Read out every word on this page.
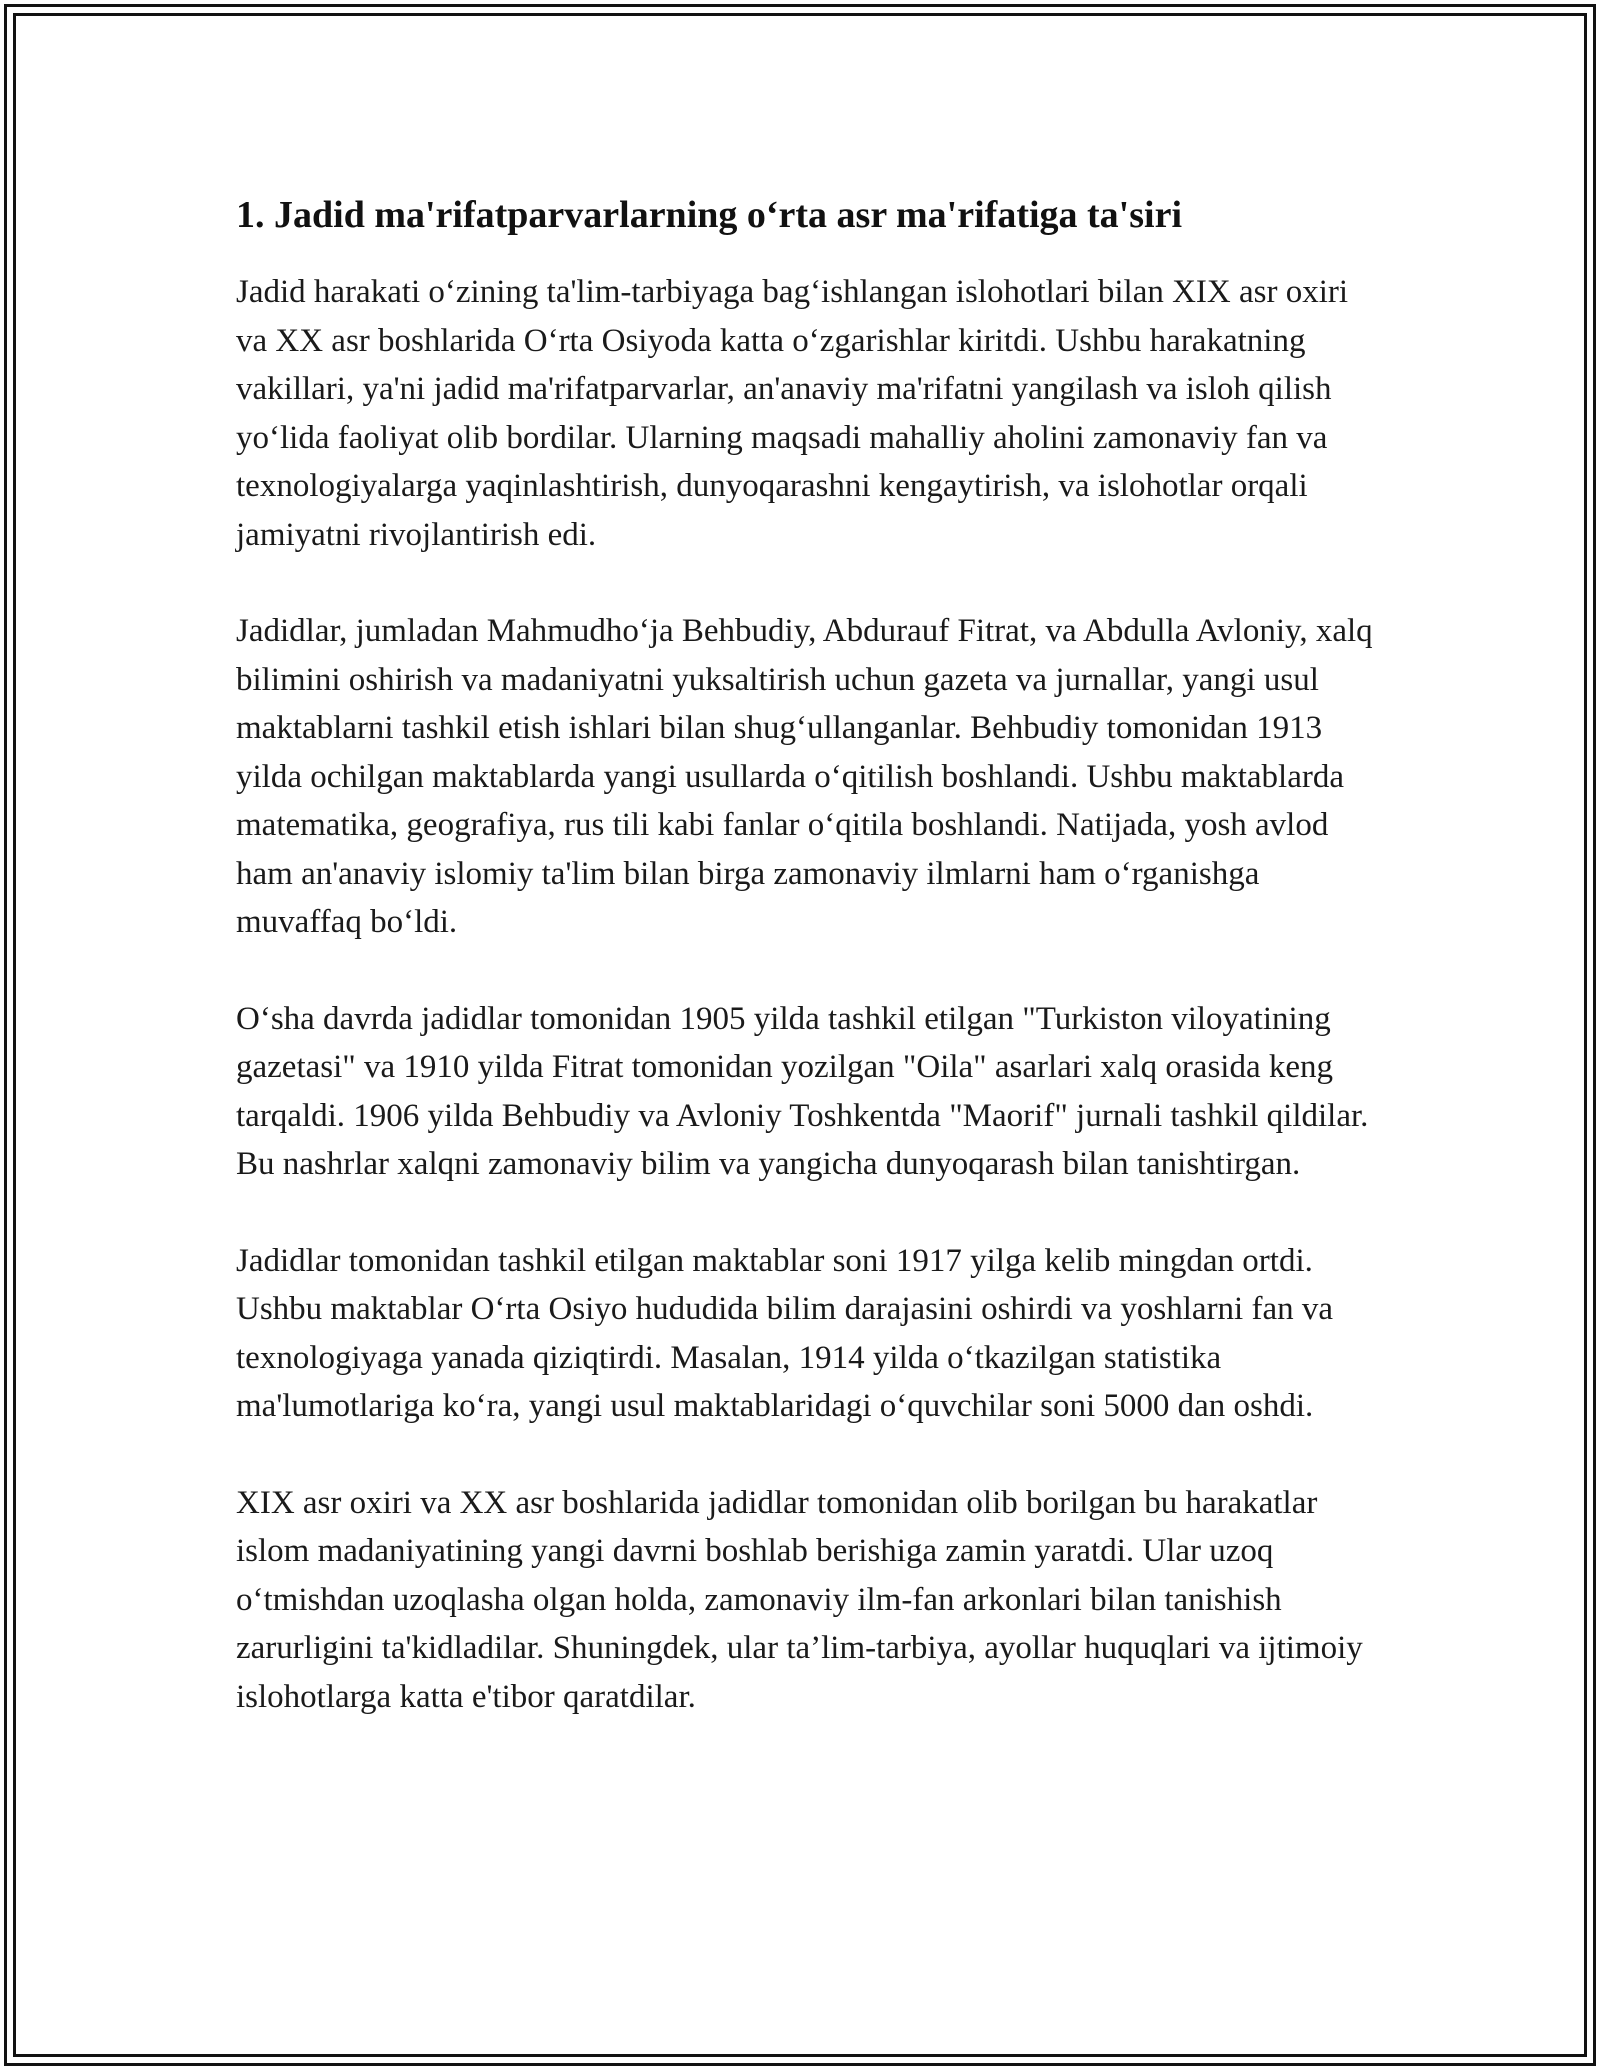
1. Jadid ma'rifatparvarlarning o‘rta asr ma'rifatiga ta'siri

Jadid harakati o‘zining ta'lim-tarbiyaga bag‘ishlangan islohotlari bilan XIX asr oxiri va XX asr boshlarida O‘rta Osiyoda katta o‘zgarishlar kiritdi. Ushbu harakatning vakillari, ya'ni jadid ma'rifatparvarlar, an'anaviy ma'rifatni yangilash va isloh qilish yo‘lida faoliyat olib bordilar. Ularning maqsadi mahalliy aholini zamonaviy fan va texnologiyalarga yaqinlashtirish, dunyoqarashni kengaytirish, va islohotlar orqali jamiyatni rivojlantirish edi.

Jadidlar, jumladan Mahmudho‘ja Behbudiy, Abdurauf Fitrat, va Abdulla Avloniy, xalq bilimini oshirish va madaniyatni yuksaltirish uchun gazeta va jurnallar, yangi usul maktablarni tashkil etish ishlari bilan shug‘ullanganlar. Behbudiy tomonidan 1913 yilda ochilgan maktablarda yangi usullarda o‘qitilish boshlandi. Ushbu maktablarda matematika, geografiya, rus tili kabi fanlar o‘qitila boshlandi. Natijada, yosh avlod ham an'anaviy islomiy ta'lim bilan birga zamonaviy ilmlarni ham o‘rganishga muvaffaq bo‘ldi.

O‘sha davrda jadidlar tomonidan 1905 yilda tashkil etilgan "Turkiston viloyatining gazetasi" va 1910 yilda Fitrat tomonidan yozilgan "Oila" asarlari xalq orasida keng tarqaldi. 1906 yilda Behbudiy va Avloniy Toshkentda "Maorif" jurnali tashkil qildilar. Bu nashrlar xalqni zamonaviy bilim va yangicha dunyoqarash bilan tanishtirgan.

Jadidlar tomonidan tashkil etilgan maktablar soni 1917 yilga kelib mingdan ortdi. Ushbu maktablar O‘rta Osiyo hududida bilim darajasini oshirdi va yoshlarni fan va texnologiyaga yanada qiziqtirdi. Masalan, 1914 yilda o‘tkazilgan statistika ma'lumotlariga ko‘ra, yangi usul maktablaridagi o‘quvchilar soni 5000 dan oshdi.

XIX asr oxiri va XX asr boshlarida jadidlar tomonidan olib borilgan bu harakatlar islom madaniyatining yangi davrni boshlab berishiga zamin yaratdi. Ular uzoq o‘tmishdan uzoqlasha olgan holda, zamonaviy ilm-fan arkonlari bilan tanishish zarurligini ta'kidladilar. Shuningdek, ular ta’lim-tarbiya, ayollar huquqlari va ijtimoiy islohotlarga katta e'tibor qaratdilar.
